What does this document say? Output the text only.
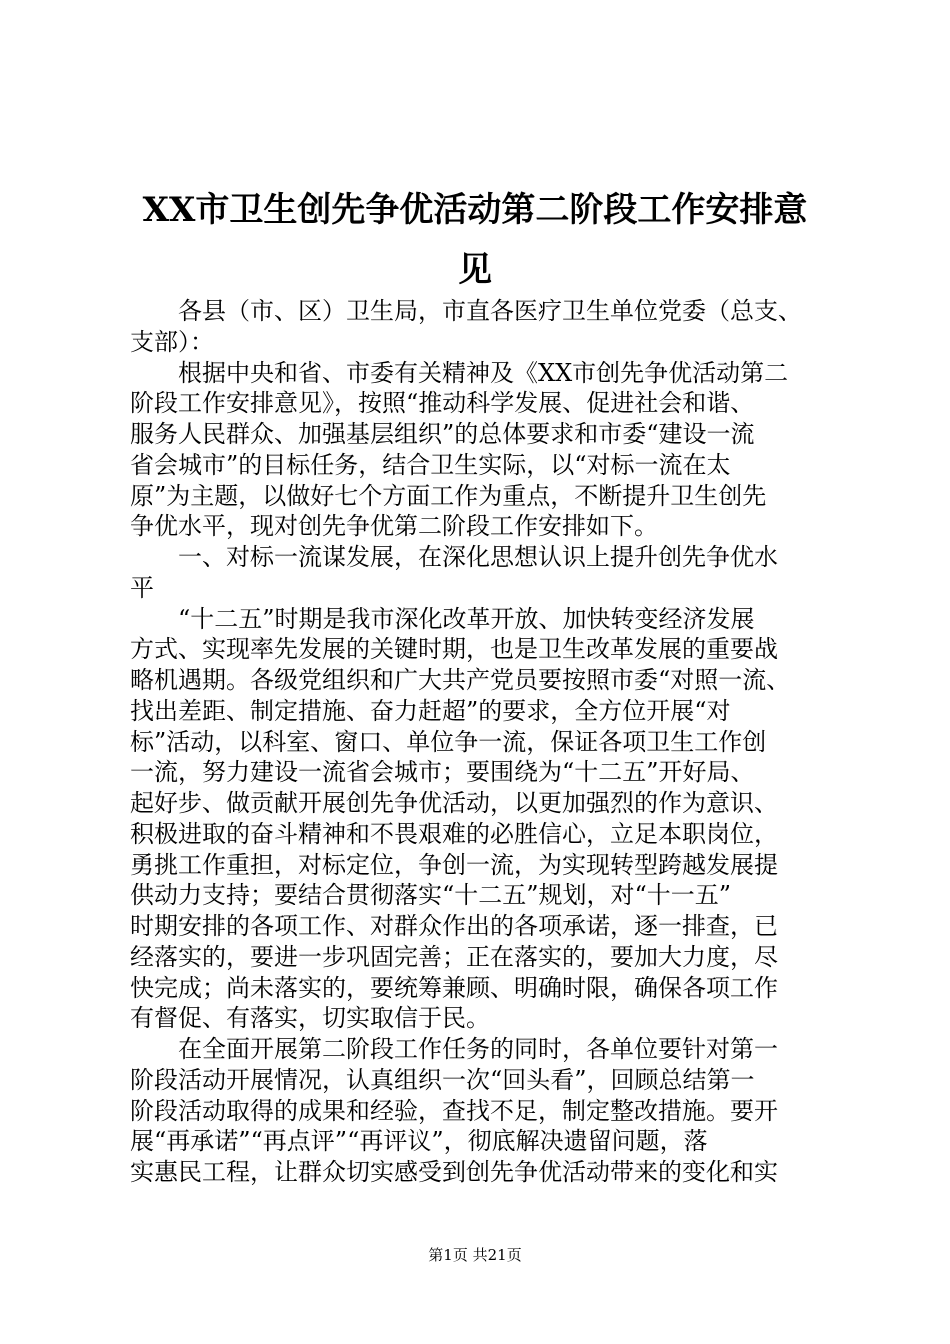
XX市卫生创先争优活动第二阶段工作安排意
见
　　各县（市、区）卫生局，市直各医疗卫生单位党委（总支、
支部）：
　　根据中央和省、市委有关精神及《XX市创先争优活动第二
阶段工作安排意见》，按照“推动科学发展、促进社会和谐、
服务人民群众、加强基层组织”的总体要求和市委“建设一流
省会城市”的目标任务，结合卫生实际，以“对标一流在太
原”为主题，以做好七个方面工作为重点，不断提升卫生创先
争优水平，现对创先争优第二阶段工作安排如下。
　　一、对标一流谋发展，在深化思想认识上提升创先争优水
平
　　“十二五”时期是我市深化改革开放、加快转变经济发展
方式、实现率先发展的关键时期，也是卫生改革发展的重要战
略机遇期。各级党组织和广大共产党员要按照市委“对照一流、
找出差距、制定措施、奋力赶超”的要求，全方位开展“对
标”活动，以科室、窗口、单位争一流，保证各项卫生工作创
一流，努力建设一流省会城市；要围绕为“十二五”开好局、
起好步、做贡献开展创先争优活动，以更加强烈的作为意识、
积极进取的奋斗精神和不畏艰难的必胜信心，立足本职岗位，
勇挑工作重担，对标定位，争创一流，为实现转型跨越发展提
供动力支持；要结合贯彻落实“十二五”规划，对“十一五”
时期安排的各项工作、对群众作出的各项承诺，逐一排查，已
经落实的，要进一步巩固完善；正在落实的，要加大力度，尽
快完成；尚未落实的，要统筹兼顾、明确时限，确保各项工作
有督促、有落实，切实取信于民。
　　在全面开展第二阶段工作任务的同时，各单位要针对第一
阶段活动开展情况，认真组织一次“回头看”，回顾总结第一
阶段活动取得的成果和经验，查找不足，制定整改措施。要开
展“再承诺”“再点评”“再评议”，彻底解决遗留问题，落
实惠民工程，让群众切实感受到创先争优活动带来的变化和实
第1页 共21页
